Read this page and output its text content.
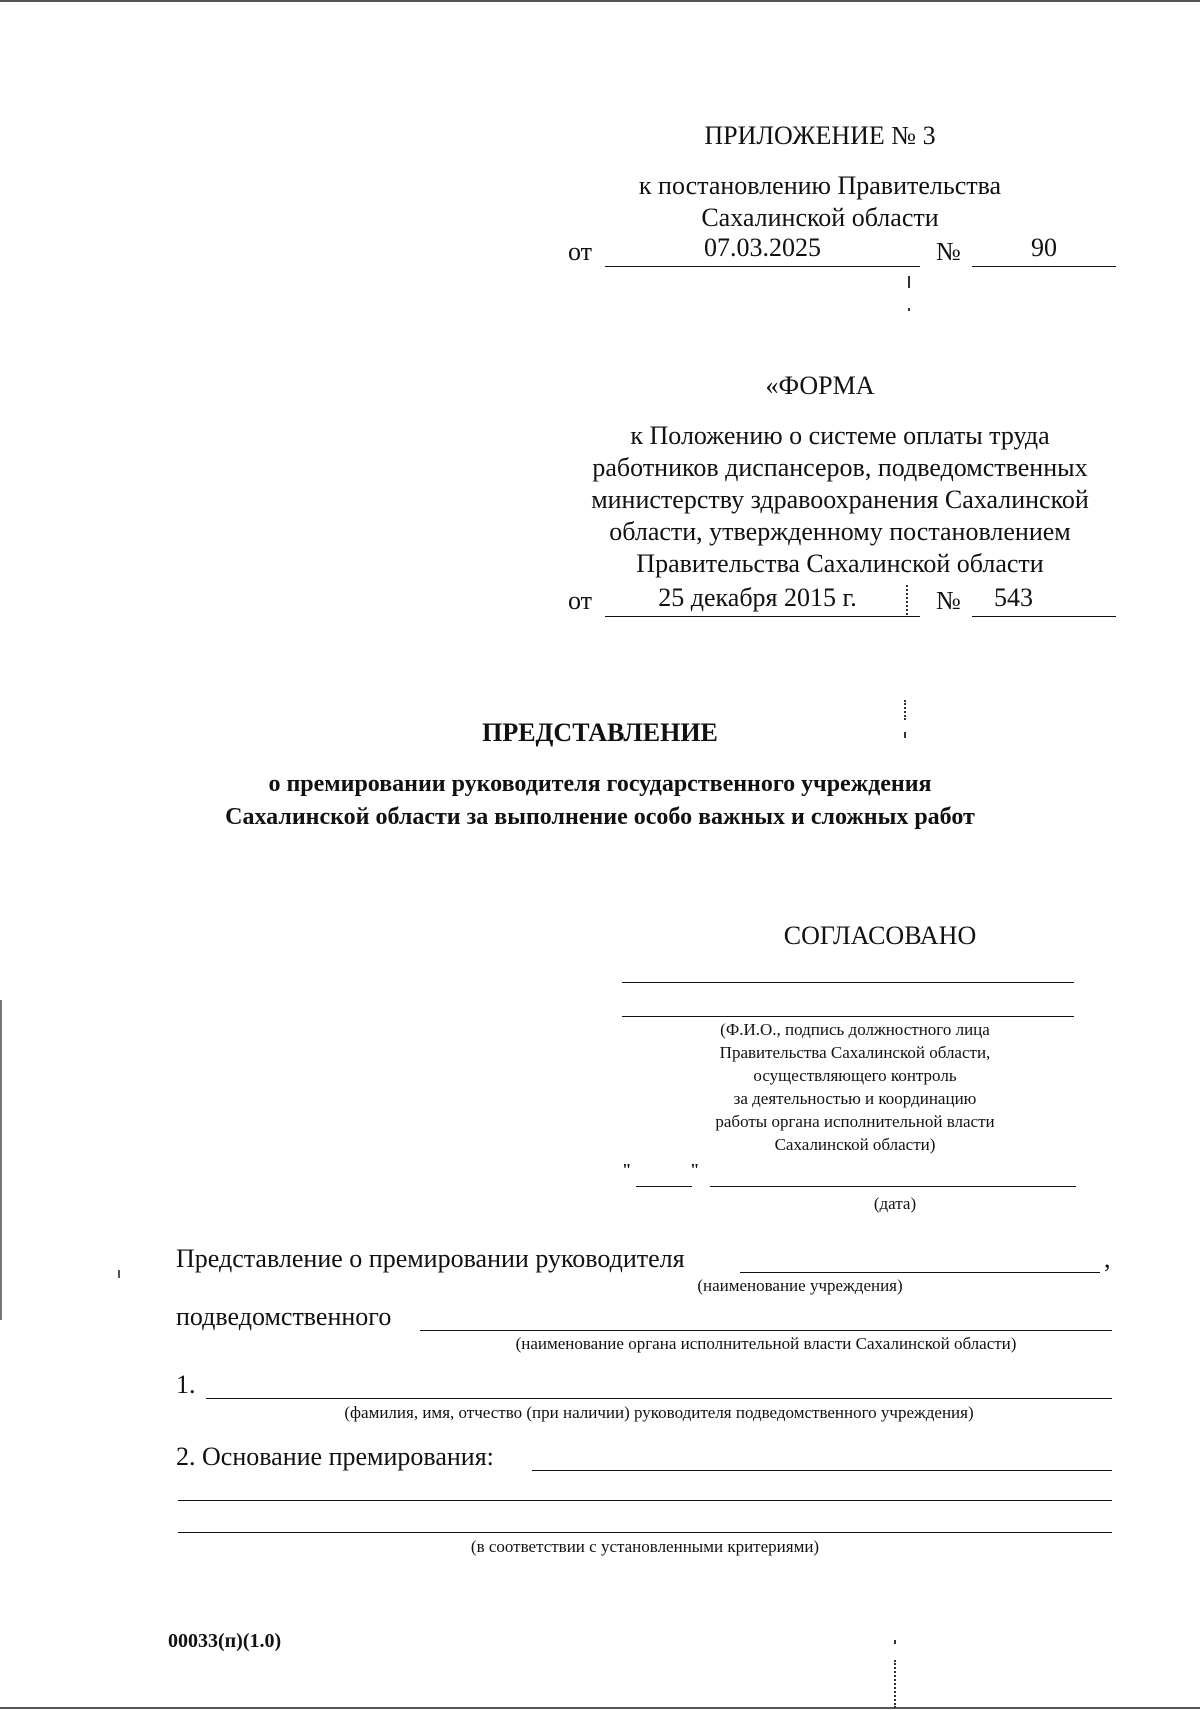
ПРИЛОЖЕНИЕ № 3
к постановлению Правительства
Сахалинской области
от	07.03.2025	№	90
«ФОРМА
к Положению о системе оплаты труда
работников диспансеров, подведомственных
министерству здравоохранения Сахалинской
области, утвержденному постановлением
Правительства Сахалинской области
от	25 декабря 2015 г.	№ 543
ПРЕДСТАВЛЕНИЕ
о премировании руководителя государственного учреждения
Сахалинской области за выполнение особо важных и сложных работ
СОГЛАСОВАНО
(Ф.И.О., подпись должностного лица
Правительства Сахалинской области,
осуществляющего контроль
за деятельностью и координацию
работы органа исполнительной власти
Сахалинской области)
"	"
(дата)
Представление о премировании руководителя	,
(наименование учреждения)
подведомственного
(наименование органа исполнительной власти Сахалинской области)
1.
(фамилия, имя, отчество (при наличии) руководителя подведомственного учреждения)
2. Основание премирования:
(в соответствии с установленными критериями)
00033(п)(1.0)
